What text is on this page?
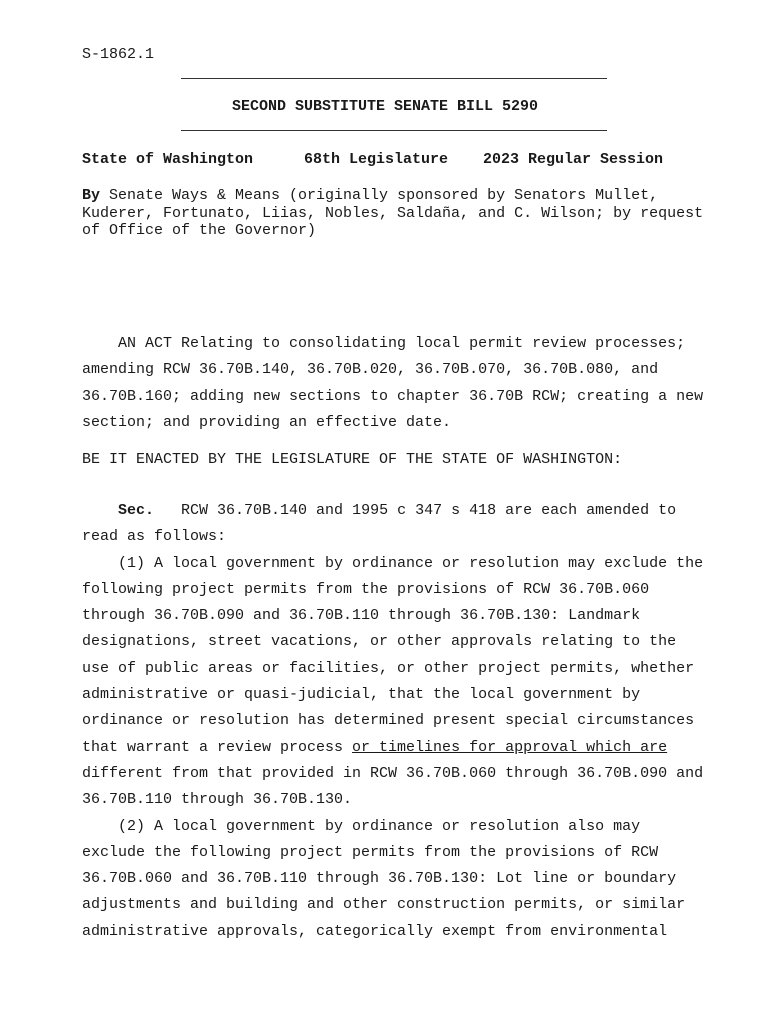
S-1862.1
SECOND SUBSTITUTE SENATE BILL 5290

State of Washington

	68th Legislature

2023 Regular Session

By Senate Ways & Means (originally sponsored by Senators Mullet,
Kuderer, Fortunato, Liias, Nobles, Saldaña, and C. Wilson; by request
of Office of the Governor)
AN ACT Relating to consolidating local permit review processes;
amending RCW 36.70B.140, 36.70B.020, 36.70B.070, 36.70B.080, and
36.70B.160; adding new sections to chapter 36.70B RCW; creating a new
section; and providing an effective date.
BE IT ENACTED BY THE LEGISLATURE OF THE STATE OF WASHINGTON:
Sec.   RCW 36.70B.140 and 1995 c 347 s 418 are each amended to
read as follows:
(1) A local government by ordinance or resolution may exclude the
following project permits from the provisions of RCW 36.70B.060
through 36.70B.090 and 36.70B.110 through 36.70B.130: Landmark
designations, street vacations, or other approvals relating to the
use of public areas or facilities, or other project permits, whether
administrative or quasi-judicial, that the local government by
ordinance or resolution has determined present special circumstances
that warrant a review process or timelines for approval which are
different from that provided in RCW 36.70B.060 through 36.70B.090 and
36.70B.110 through 36.70B.130.
(2) A local government by ordinance or resolution also may
exclude the following project permits from the provisions of RCW
36.70B.060 and 36.70B.110 through 36.70B.130: Lot line or boundary
adjustments and building and other construction permits, or similar
administrative approvals, categorically exempt from environmental
